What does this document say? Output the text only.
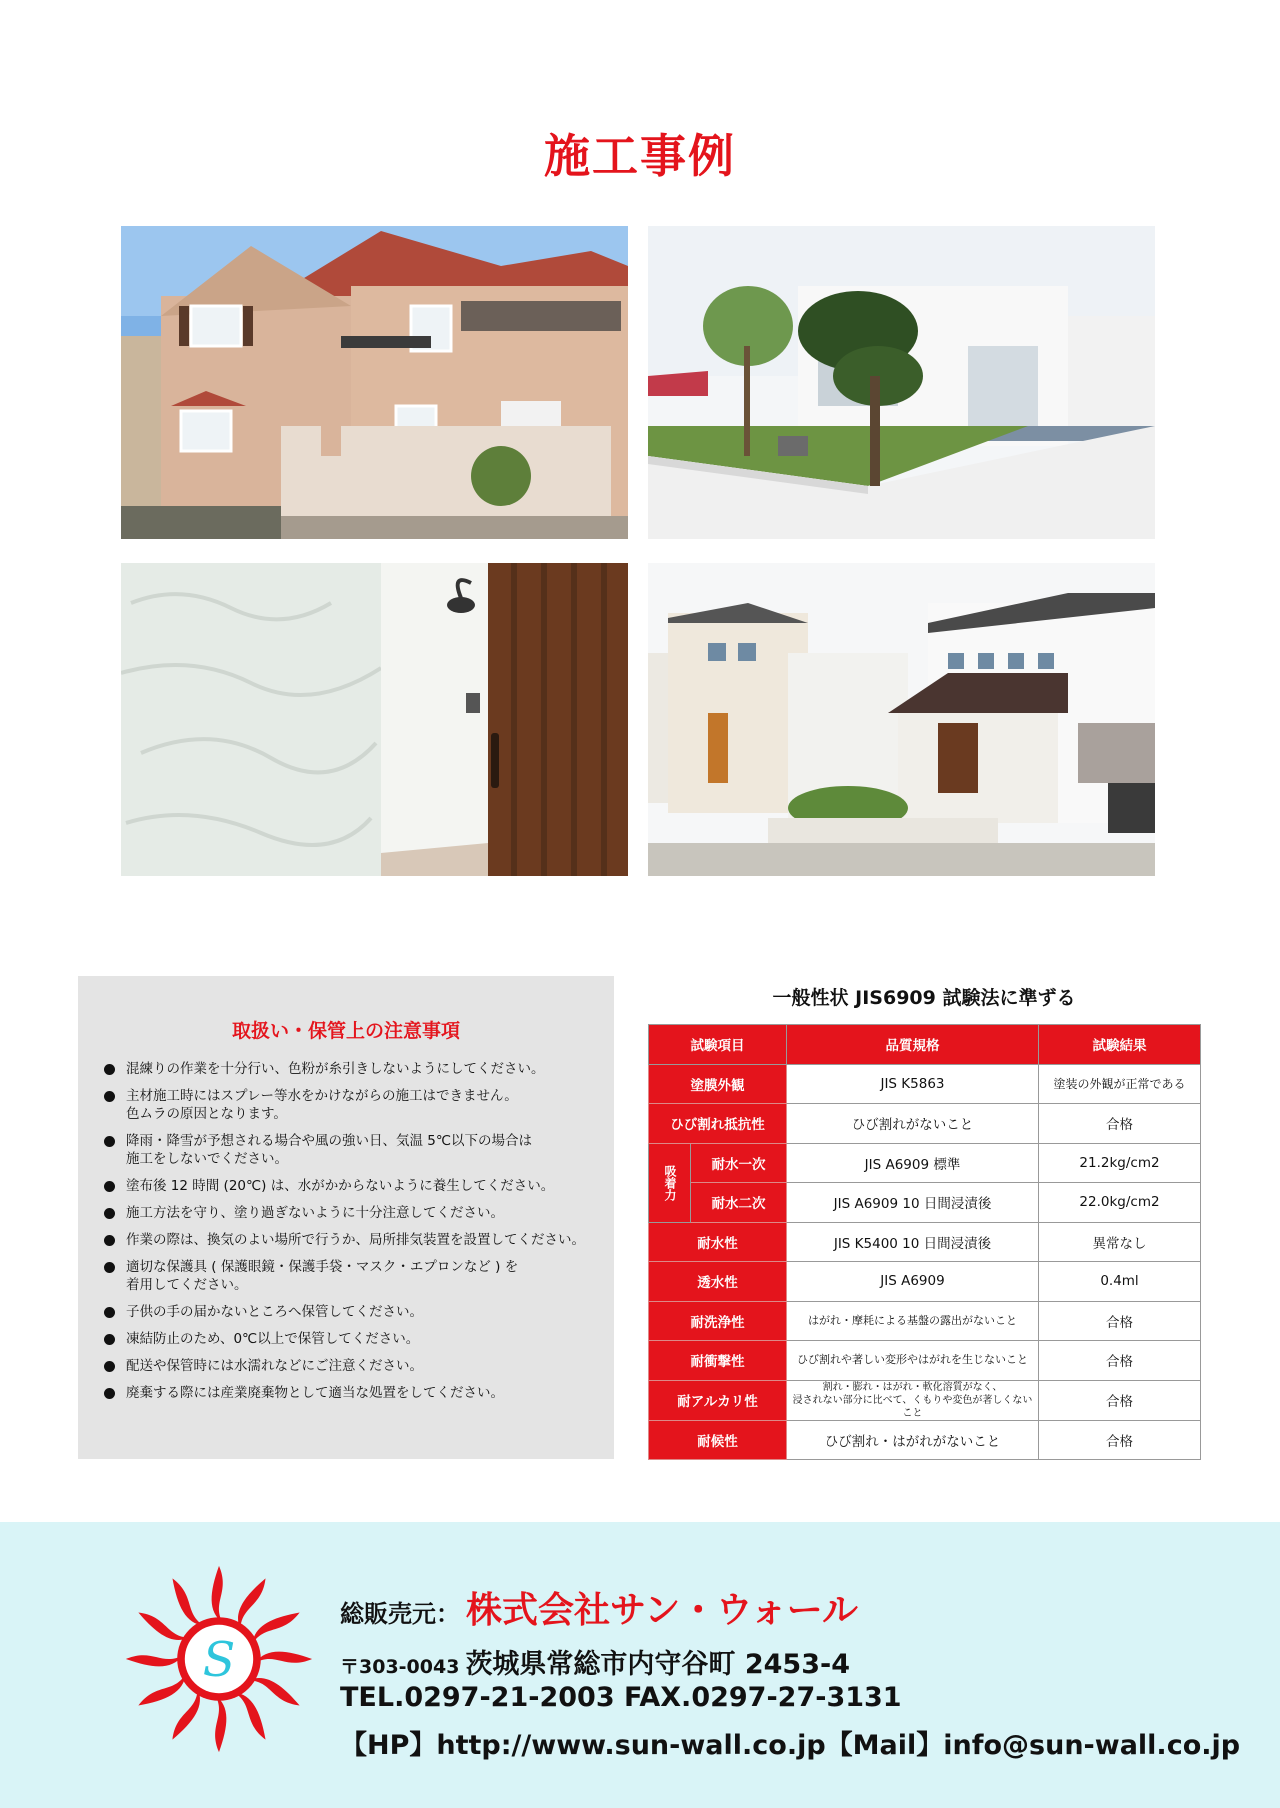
施工事例
取扱い・保管上の注意事項
混練りの作業を十分行い、色粉が糸引きしないようにしてください。
主材施工時にはスプレー等水をかけながらの施工はできません。
色ムラの原因となります。
降雨・降雪が予想される場合や風の強い日、気温 5℃以下の場合は
施工をしないでください。
塗布後 12 時間 (20℃) は、水がかからないように養生してください。
施工方法を守り、塗り過ぎないように十分注意してください。
作業の際は、換気のよい場所で行うか、局所排気装置を設置してください。
適切な保護具 ( 保護眼鏡・保護手袋・マスク・エプロンなど ) を
着用してください。
子供の手の届かないところへ保管してください。
凍結防止のため、0℃以上で保管してください。
配送や保管時には水濡れなどにご注意ください。
廃棄する際には産業廃棄物として適当な処置をしてください。
一般性状 JIS6909 試験法に準ずる
試験項目		品質規格	試験結果
塗膜外観		JIS K5863	塗装の外観が正常である
ひび割れ抵抗性		ひび割れがないこと	合格
吸着力	耐水一次	JIS A6909 標準	21.2kg/cm2
	耐水二次	JIS A6909 10 日間浸漬後	22.0kg/cm2
耐水性		JIS K5400 10 日間浸漬後	異常なし
透水性		JIS A6909	0.4ml
耐洗浄性		はがれ・摩耗による基盤の露出がないこと	合格
耐衝撃性		ひび割れや著しい変形やはがれを生じないこと	合格
耐アルカリ性		割れ・膨れ・はがれ・軟化溶質がなく、
浸されない部分に比べて、くもりや変色が著しくないこと	合格
耐候性		ひび割れ・はがれがないこと	合格
S
総販売元： 株式会社サン・ウォール
〒303-0043 茨城県常総市内守谷町 2453-4
TEL.0297-21-2003 FAX.0297-27-3131
【HP】http://www.sun-wall.co.jp【Mail】info@sun-wall.co.jp
